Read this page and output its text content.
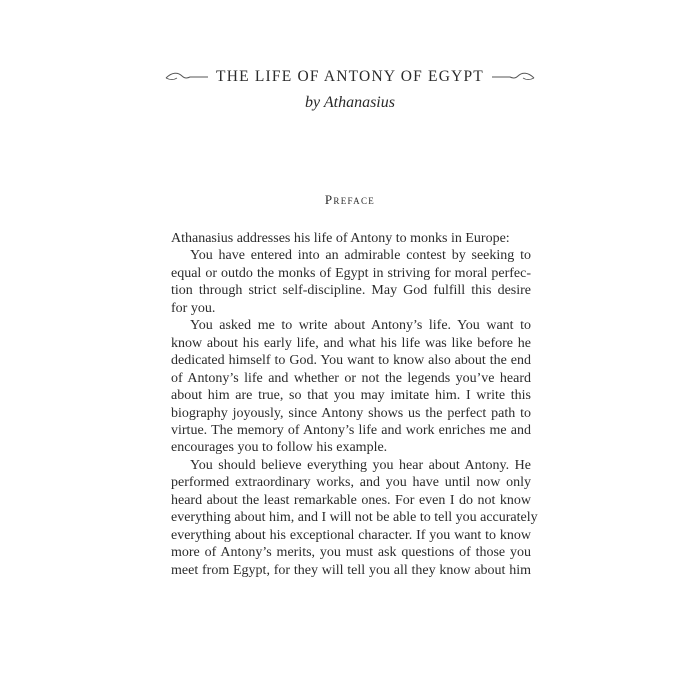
THE LIFE OF ANTONY OF EGYPT
by Athanasius
Preface
Athanasius addresses his life of Antony to monks in Europe:
You have entered into an admirable contest by seeking to
equal or outdo the monks of Egypt in striving for moral perfec-
tion through strict self-discipline. May God fulfill this desire
for you.
You asked me to write about Antony’s life. You want to
know about his early life, and what his life was like before he
dedicated himself to God. You want to know also about the end
of Antony’s life and whether or not the legends you’ve heard
about him are true, so that you may imitate him. I write this
biography joyously, since Antony shows us the perfect path to
virtue. The memory of Antony’s life and work enriches me and
encourages you to follow his example.
You should believe everything you hear about Antony. He
performed extraordinary works, and you have until now only
heard about the least remarkable ones. For even I do not know
everything about him, and I will not be able to tell you accurately
everything about his exceptional character. If you want to know
more of Antony’s merits, you must ask questions of those you
meet from Egypt, for they will tell you all they know about him
